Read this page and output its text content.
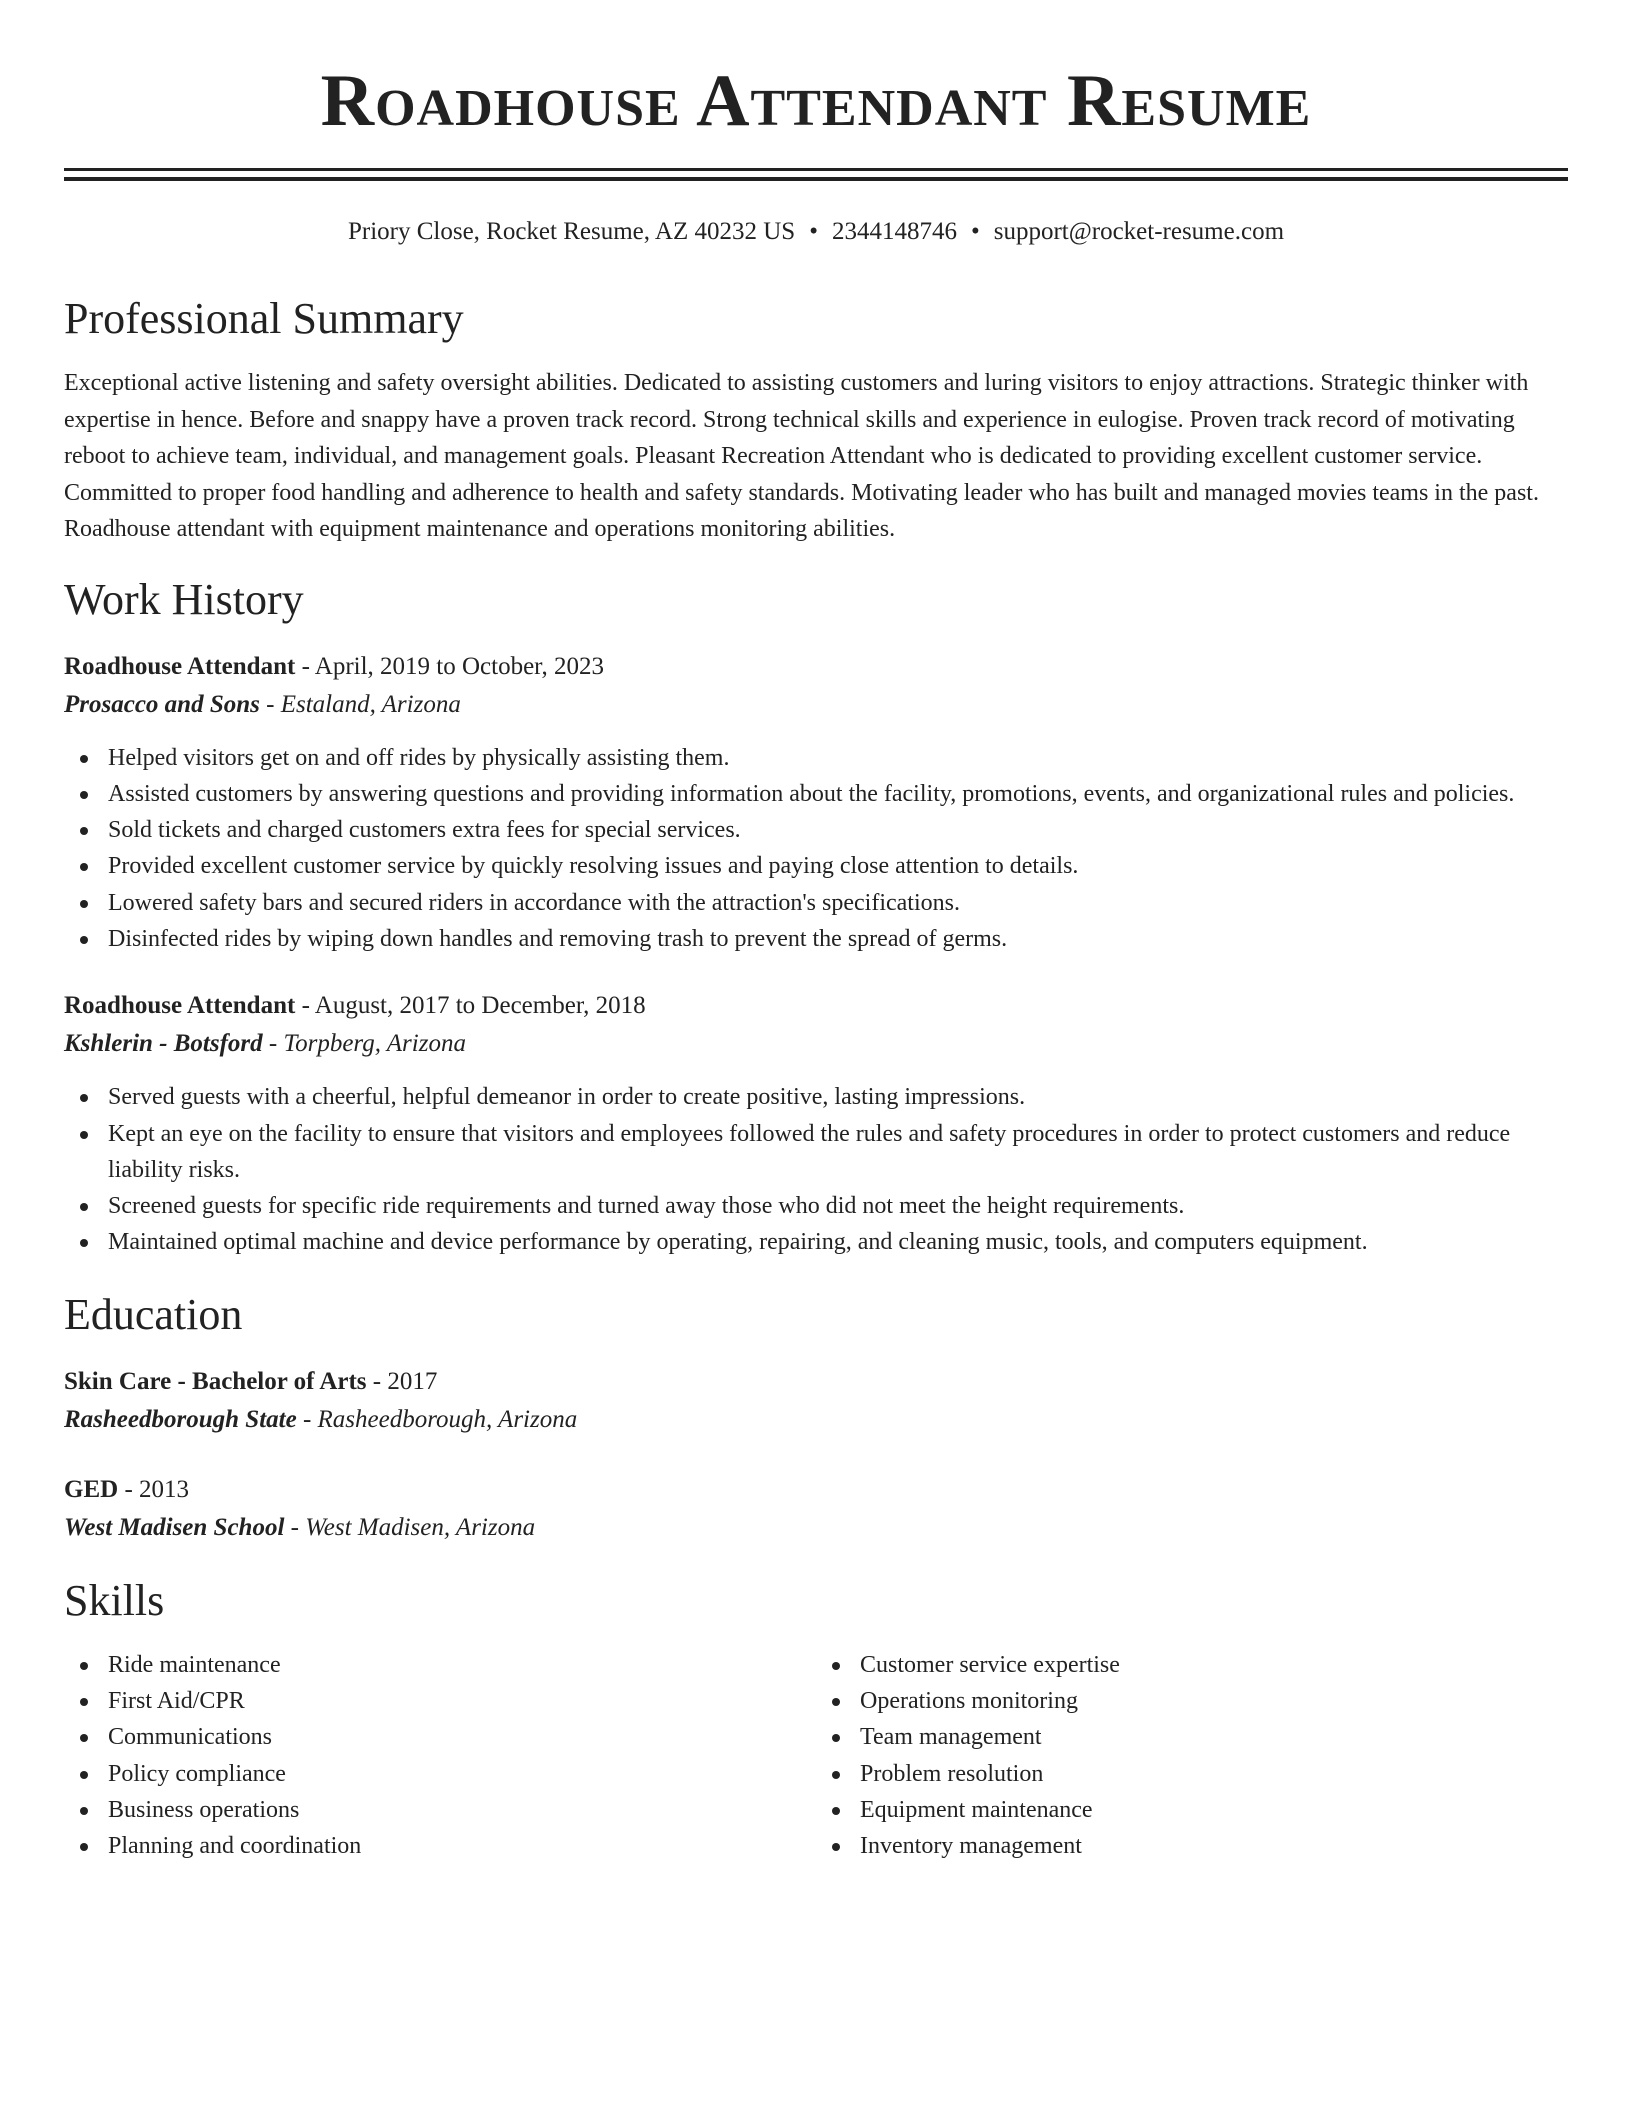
Roadhouse Attendant Resume
Priory Close, Rocket Resume, AZ 40232 US • 2344148746 • support@rocket-resume.com
Professional Summary

Exceptional active listening and safety oversight abilities. Dedicated to assisting customers and luring visitors to enjoy attractions. Strategic thinker with expertise in hence. Before and snappy have a proven track record. Strong technical skills and experience in eulogise. Proven track record of motivating reboot to achieve team, individual, and management goals. Pleasant Recreation Attendant who is dedicated to providing excellent customer service. Committed to proper food handling and adherence to health and safety standards. Motivating leader who has built and managed movies teams in the past. Roadhouse attendant with equipment maintenance and operations monitoring abilities.

Work History
Roadhouse Attendant - April, 2019 to October, 2023
Prosacco and Sons - Estaland, Arizona
Helped visitors get on and off rides by physically assisting them.
Assisted customers by answering questions and providing information about the facility, promotions, events, and organizational rules and policies.
Sold tickets and charged customers extra fees for special services.
Provided excellent customer service by quickly resolving issues and paying close attention to details.
Lowered safety bars and secured riders in accordance with the attraction's specifications.
Disinfected rides by wiping down handles and removing trash to prevent the spread of germs.
Roadhouse Attendant - August, 2017 to December, 2018
Kshlerin - Botsford - Torpberg, Arizona
Served guests with a cheerful, helpful demeanor in order to create positive, lasting impressions.
Kept an eye on the facility to ensure that visitors and employees followed the rules and safety procedures in order to protect customers and reduce liability risks.
Screened guests for specific ride requirements and turned away those who did not meet the height requirements.
Maintained optimal machine and device performance by operating, repairing, and cleaning music, tools, and computers equipment.
Education
Skin Care - Bachelor of Arts - 2017
Rasheedborough State - Rasheedborough, Arizona
GED - 2013
West Madisen School - West Madisen, Arizona
Skills
Ride maintenance
First Aid/CPR
Communications
Policy compliance
Business operations
Planning and coordination
Customer service expertise
Operations monitoring
Team management
Problem resolution
Equipment maintenance
Inventory management
